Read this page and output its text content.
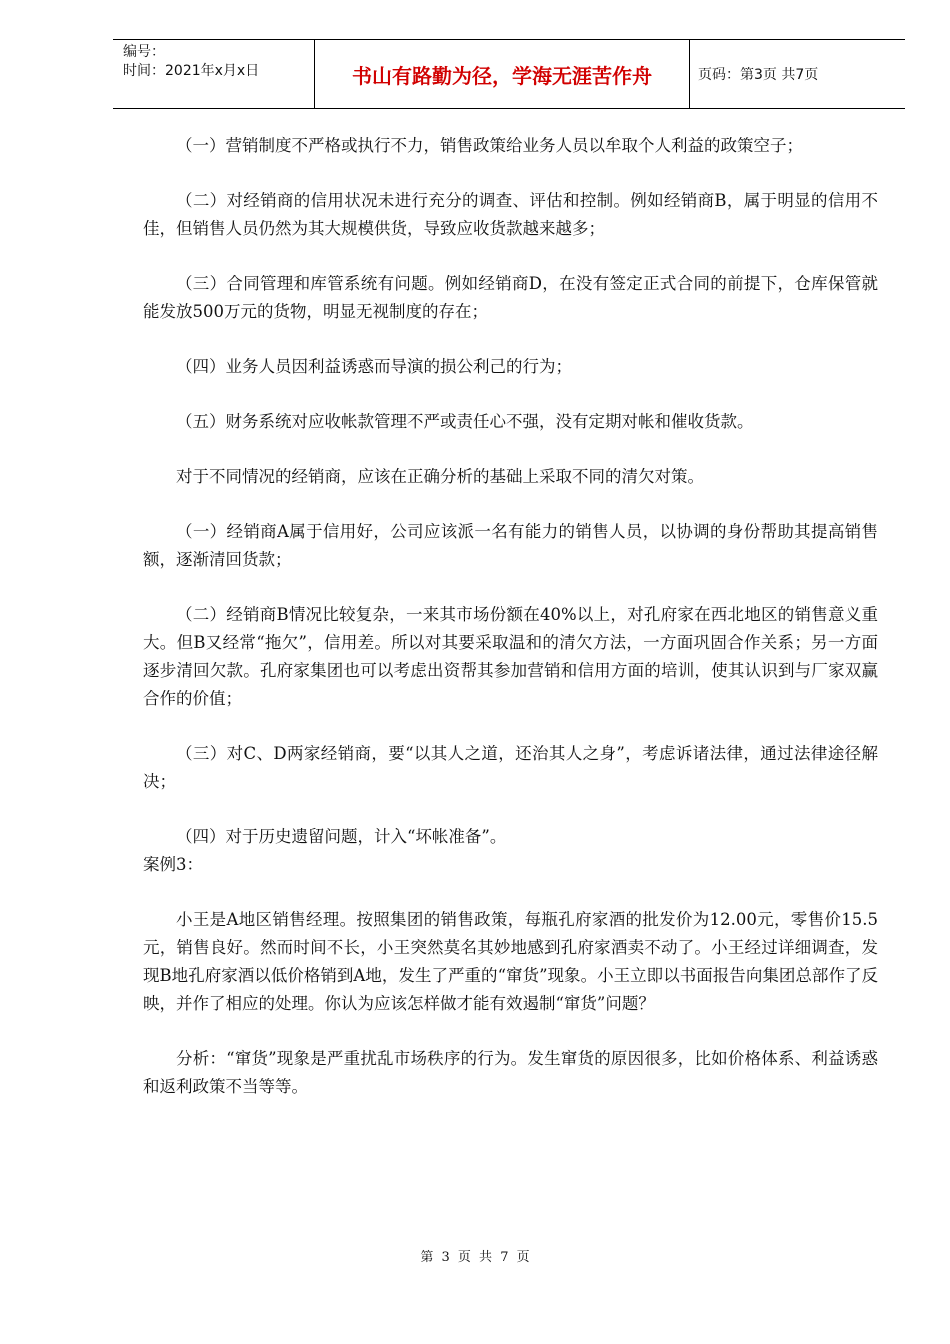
编号：
时间：2021年x月x日	书山有路勤为径，学海无涯苦作舟	页码：第3页 共7页

（一）营销制度不严格或执行不力，销售政策给业务人员以牟取个人利益的政策空子；

（二）对经销商的信用状况未进行充分的调查、评估和控制。例如经销商B，属于明显的信用不佳，但销售人员仍然为其大规模供货，导致应收货款越来越多；

（三）合同管理和库管系统有问题。例如经销商D，在没有签定正式合同的前提下，仓库保管就能发放500万元的货物，明显无视制度的存在；

（四）业务人员因利益诱惑而导演的损公利己的行为；

（五）财务系统对应收帐款管理不严或责任心不强，没有定期对帐和催收货款。

对于不同情况的经销商，应该在正确分析的基础上采取不同的清欠对策。

（一）经销商A属于信用好，公司应该派一名有能力的销售人员，以协调的身份帮助其提高销售额，逐渐清回货款；

（二）经销商B情况比较复杂，一来其市场份额在40%以上，对孔府家在西北地区的销售意义重大。但B又经常“拖欠”，信用差。所以对其要采取温和的清欠方法，一方面巩固合作关系；另一方面逐步清回欠款。孔府家集团也可以考虑出资帮其参加营销和信用方面的培训，使其认识到与厂家双赢合作的价值；

（三）对C、D两家经销商，要“以其人之道，还治其人之身”，考虑诉诸法律，通过法律途径解决；

（四）对于历史遗留问题，计入“坏帐准备”。

案例3：

小王是A地区销售经理。按照集团的销售政策，每瓶孔府家酒的批发价为12.00元，零售价15.5元，销售良好。然而时间不长，小王突然莫名其妙地感到孔府家酒卖不动了。小王经过详细调查，发现B地孔府家酒以低价格销到A地，发生了严重的“窜货”现象。小王立即以书面报告向集团总部作了反映，并作了相应的处理。你认为应该怎样做才能有效遏制“窜货”问题？

分析：“窜货”现象是严重扰乱市场秩序的行为。发生窜货的原因很多，比如价格体系、利益诱惑和返利政策不当等等。

第 3 页 共 7 页
